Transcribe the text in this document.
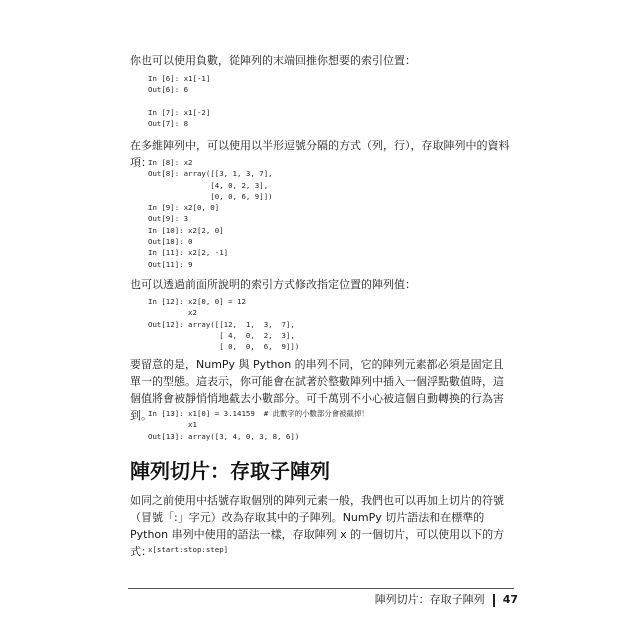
你也可以使用負數，從陣列的末端回推你想要的索引位置：

In [6]: x1[-1]
Out[6]: 6

In [7]: x1[-2]
Out[7]: 8

在多維陣列中，可以使用以半形逗號分隔的方式（列，行），存取陣列中的資料項：

In [8]: x2
Out[8]: array([[3, 1, 3, 7],
[4, 0, 2, 3],
[0, 0, 6, 9]])
In [9]: x2[0, 0]
Out[9]: 3
In [10]: x2[2, 0]
Out[10]: 0
In [11]: x2[2, -1]
Out[11]: 9

也可以透過前面所說明的索引方式修改指定位置的陣列值：

In [12]: x2[0, 0] = 12
x2
Out[12]: array([[12,  1,  3,  7],
[ 4,  0,  2,  3],
[ 0,  0,  6,  9]])

要留意的是，NumPy 與 Python 的串列不同，它的陣列元素都必須是固定且單一的型態。這表示，你可能會在試著於整數陣列中插入一個浮點數值時，這個值將會被靜悄悄地截去小數部分。可千萬別不小心被這個自動轉換的行為害到。

In [13]: x1[0] = 3.14159  # 此數字的小數部分會被截掉！
x1
Out[13]: array([3, 4, 0, 3, 8, 6])
陣列切片：存取子陣列

如同之前使用中括號存取個別的陣列元素一般，我們也可以再加上切片的符號（冒號「:」字元）改為存取其中的子陣列。NumPy 切片語法和在標準的 Python 串列中使用的語法一樣，存取陣列 x 的一個切片，可以使用以下的方式：

x[start:stop:step]
陣列切片：存取子陣列 47
